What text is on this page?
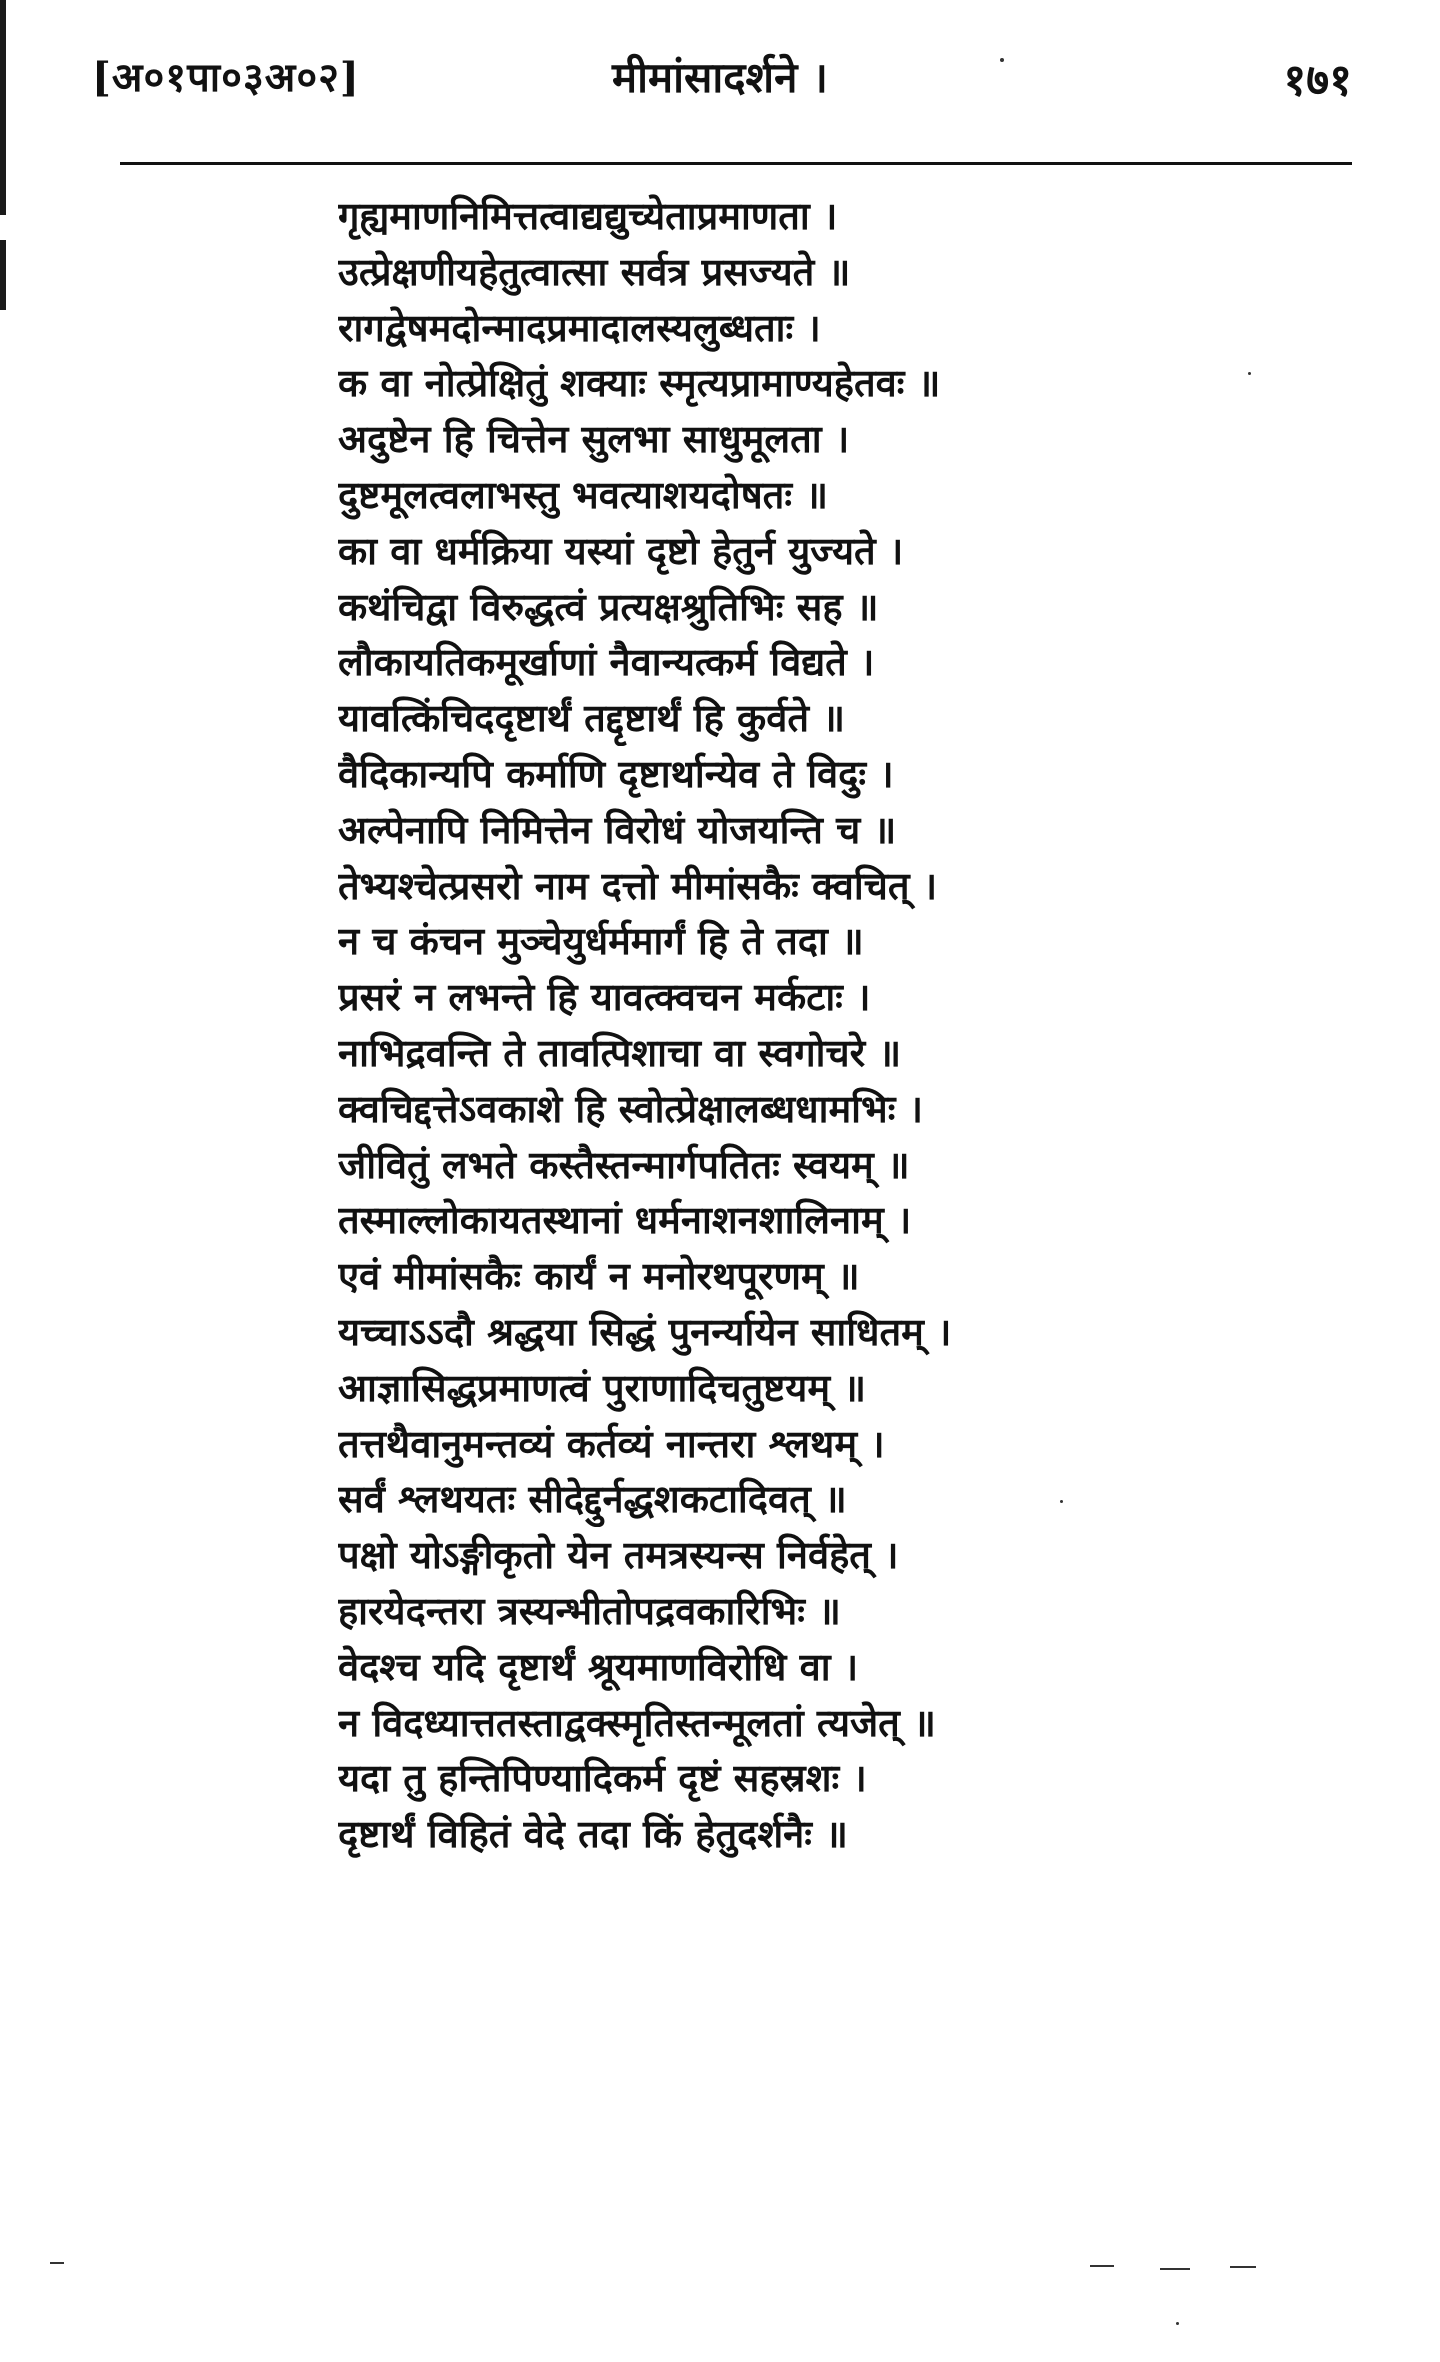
[अ०१पा०३अ०२]	मीमांसादर्शने ।	१७१
गृह्यमाणनिमित्तत्वाद्यद्युच्येताप्रमाणता ।
उत्प्रेक्षणीयहेतुत्वात्सा सर्वत्र प्रसज्यते ॥
रागद्वेषमदोन्मादप्रमादालस्यलुब्धताः ।
क वा नोत्प्रेक्षितुं शक्याः स्मृत्यप्रामाण्यहेतवः ॥
अदुष्टेन हि चित्तेन सुलभा साधुमूलता ।
दुष्टमूलत्वलाभस्तु भवत्याशयदोषतः ॥
का वा धर्मक्रिया यस्यां दृष्टो हेतुर्न युज्यते ।
कथंचिद्वा विरुद्धत्वं प्रत्यक्षश्रुतिभिः सह ॥
लौकायतिकमूर्खाणां नैवान्यत्कर्म विद्यते ।
यावत्किंचिददृष्टार्थं तद्दृष्टार्थं हि कुर्वते ॥
वैदिकान्यपि कर्माणि दृष्टार्थान्येव ते विदुः ।
अल्पेनापि निमित्तेन विरोधं योजयन्ति च ॥
तेभ्यश्चेत्प्रसरो नाम दत्तो मीमांसकैः क्वचित् ।
न च कंचन मुञ्चेयुर्धर्ममार्गं हि ते तदा ॥
प्रसरं न लभन्ते हि यावत्क्वचन मर्कटाः ।
नाभिद्रवन्ति ते तावत्पिशाचा वा स्वगोचरे ॥
क्वचिद्दत्तेऽवकाशे हि स्वोत्प्रेक्षालब्धधामभिः ।
जीवितुं लभते कस्तैस्तन्मार्गपतितः स्वयम् ॥
तस्माल्लोकायतस्थानां धर्मनाशनशालिनाम् ।
एवं मीमांसकैः कार्यं न मनोरथपूरणम् ॥
यच्चाऽऽदौ श्रद्धया सिद्धं पुनर्न्यायेन साधितम् ।
आज्ञासिद्धप्रमाणत्वं पुराणादिचतुष्टयम् ॥
तत्तथैवानुमन्तव्यं कर्तव्यं नान्तरा श्लथम् ।
सर्वं श्लथयतः सीदेद्दुर्नद्धशकटादिवत् ॥
पक्षो योऽङ्गीकृतो येन तमत्रस्यन्स निर्वहेत् ।
हारयेदन्तरा त्रस्यन्भीतोपद्रवकारिभिः ॥
वेदश्च यदि दृष्टार्थं श्रूयमाणविरोधि वा ।
न विदध्यात्ततस्ताद्वक्स्मृतिस्तन्मूलतां त्यजेत् ॥
यदा तु हन्तिपिण्यादिकर्म दृष्टं सहस्रशः ।
दृष्टार्थं विहितं वेदे तदा किं हेतुदर्शनैः ॥
